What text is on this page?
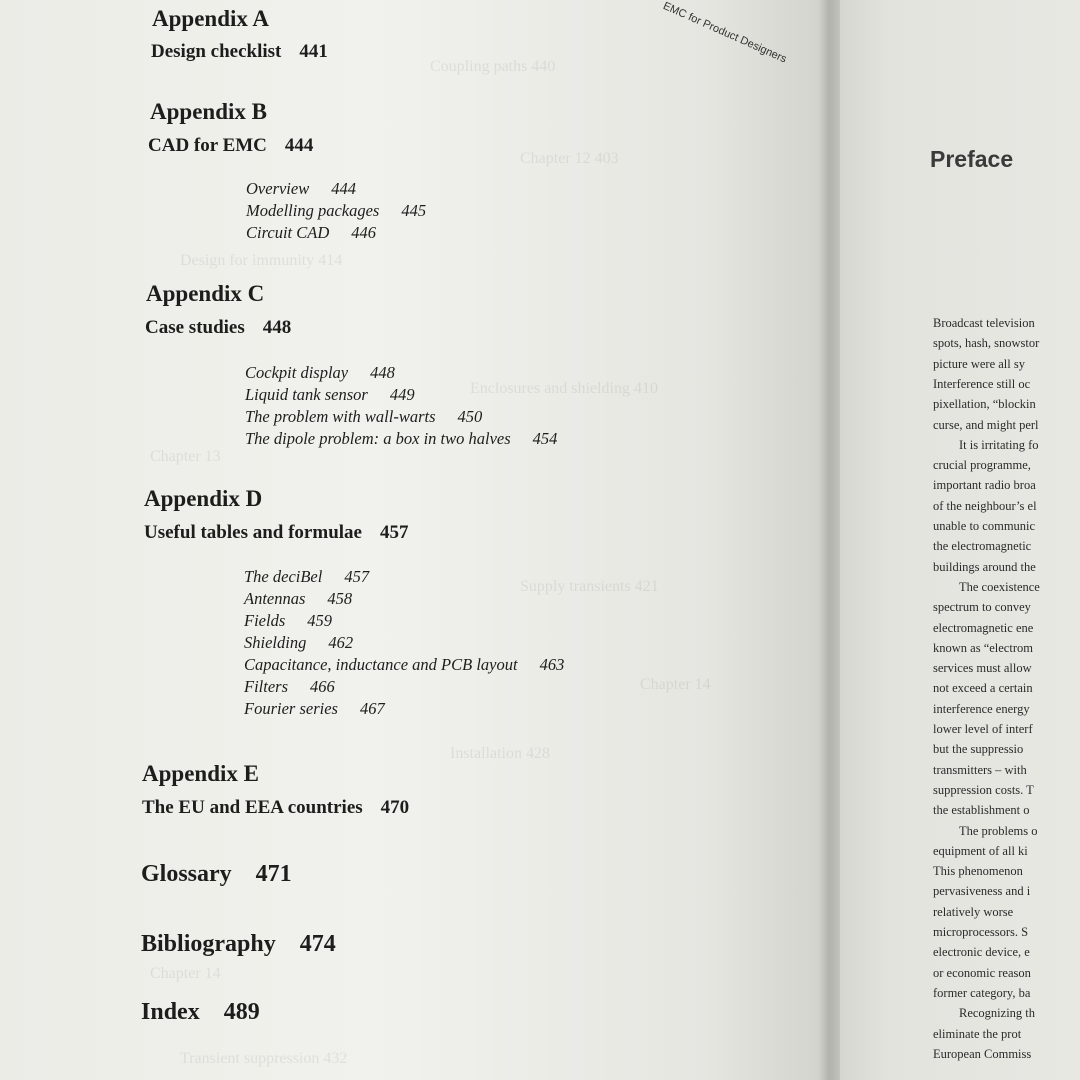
Coupling paths 440
Chapter 12 403
Design for immunity 414
Enclosures and shielding 410
Chapter 13
Supply transients 421
Chapter 14
Installation 428
Chapter 14
Transient suppression 432
EMC for Product Designers
Appendix A
Design checklist 441
Appendix B
CAD for EMC 444
Overview 444
Modelling packages 445
Circuit CAD 446
Appendix C
Case studies 448
Cockpit display 448
Liquid tank sensor 449
The problem with wall-warts 450
The dipole problem: a box in two halves 454
Appendix D
Useful tables and formulae 457
The deciBel 457
Antennas 458
Fields 459
Shielding 462
Capacitance, inductance and PCB layout 463
Filters 466
Fourier series 467
Appendix E
The EU and EEA countries 470
Glossary 471
Bibliography 474
Index 489
Preface
Broadcast television
spots, hash, snowstor
picture were all sy
Interference still oc
pixellation, “blockin
curse, and might perl
It is irritating fo
crucial programme,
important radio broa
of the neighbour’s el
unable to communic
the electromagnetic
buildings around the
The coexistence
spectrum to convey
electromagnetic ene
known as “electrom
services must allow
not exceed a certain
interference energy
lower level of interf
but the suppressio
transmitters – with
suppression costs. T
the establishment o
The problems o
equipment of all ki
This phenomenon
pervasiveness and i
relatively worse
microprocessors. S
electronic device, e
or economic reason
former category, ba
Recognizing th
eliminate the prot
European Commiss
